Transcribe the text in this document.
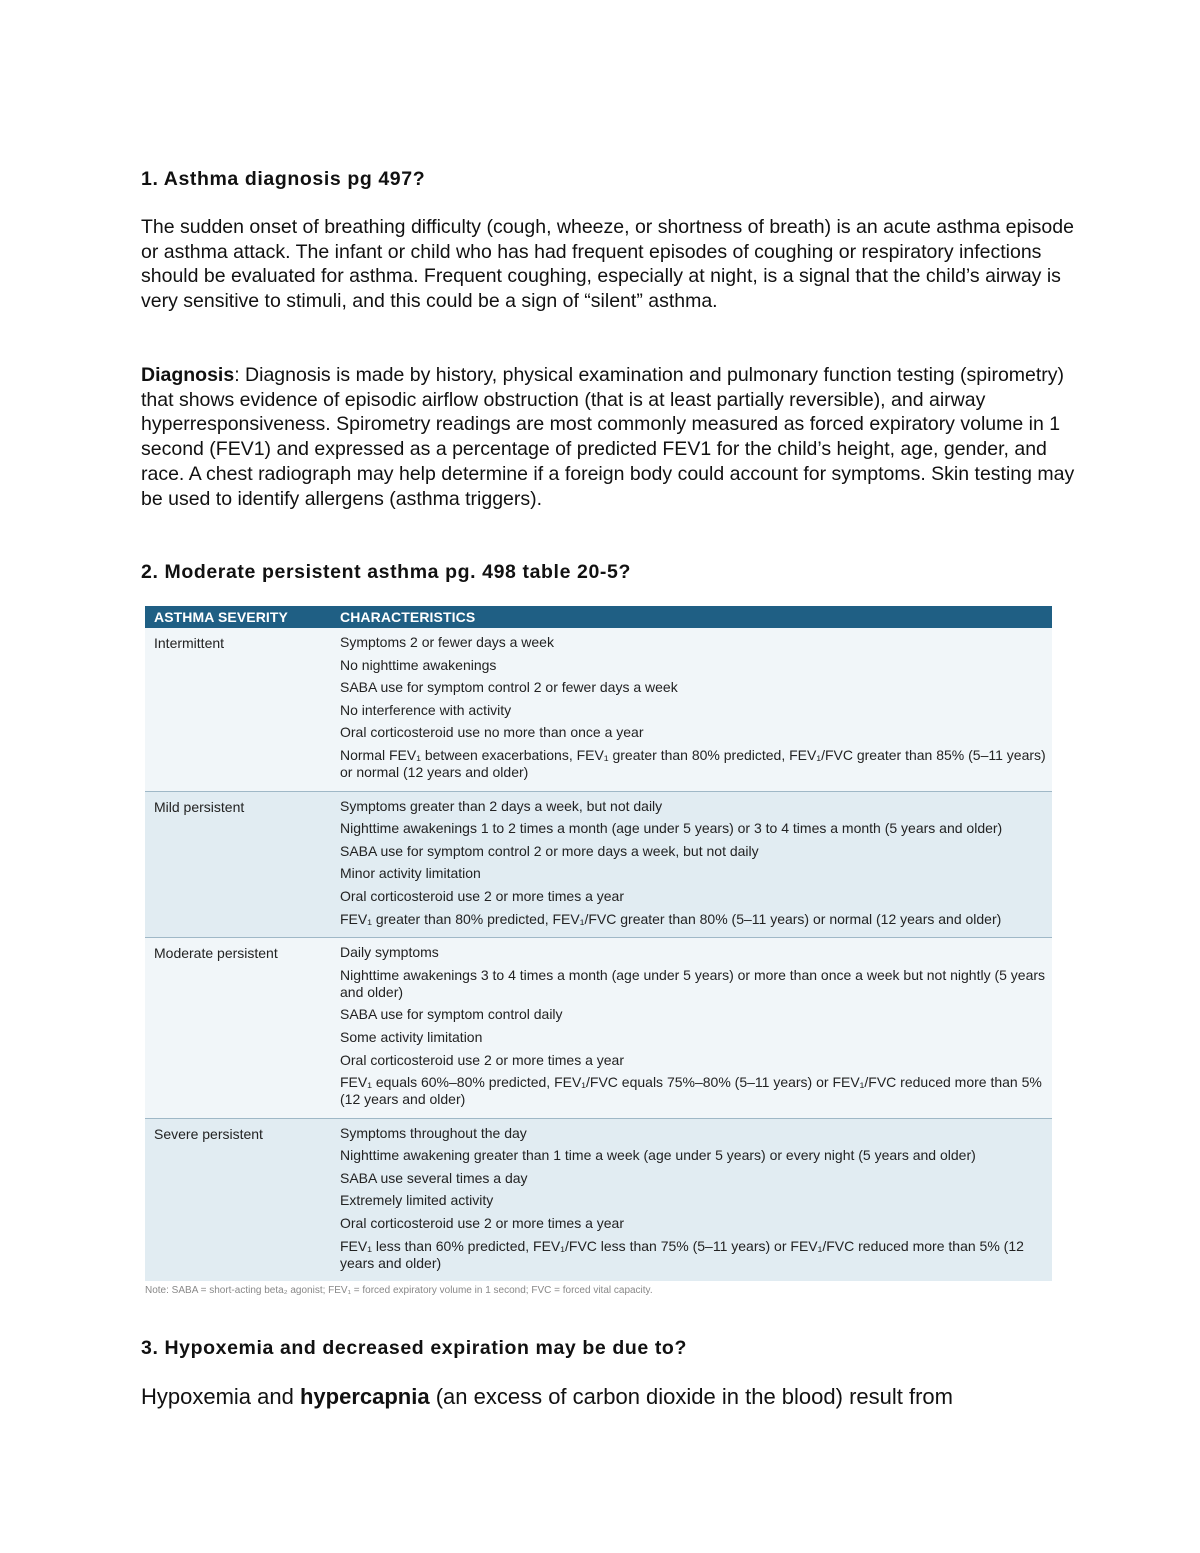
1. Asthma diagnosis pg 497?

The sudden onset of breathing difficulty (cough, wheeze, or shortness of breath) is an acute asthma episode or asthma attack. The infant or child who has had frequent episodes of coughing or respiratory infections should be evaluated for asthma. Frequent coughing, especially at night, is a signal that the child’s airway is very sensitive to stimuli, and this could be a sign of “silent” asthma.

Diagnosis: Diagnosis is made by history, physical examination and pulmonary function testing (spirometry) that shows evidence of episodic airflow obstruction (that is at least partially reversible), and airway hyperresponsiveness. Spirometry readings are most commonly measured as forced expiratory volume in 1 second (FEV1) and expressed as a percentage of predicted FEV1 for the child’s height, age, gender, and race. A chest radiograph may help determine if a foreign body could account for symptoms. Skin testing may be used to identify allergens (asthma triggers).

2. Moderate persistent asthma pg. 498 table 20-5?
ASTHMA SEVERITY	CHARACTERISTICS
Intermittent	Symptoms 2 or fewer days a week
No nighttime awakenings
SABA use for symptom control 2 or fewer days a week
No interference with activity
Oral corticosteroid use no more than once a year
Normal FEV₁ between exacerbations, FEV₁ greater than 80% predicted, FEV₁/FVC greater than 85% (5–11 years) or normal (12 years and older)
Mild persistent	Symptoms greater than 2 days a week, but not daily
Nighttime awakenings 1 to 2 times a month (age under 5 years) or 3 to 4 times a month (5 years and older)
SABA use for symptom control 2 or more days a week, but not daily
Minor activity limitation
Oral corticosteroid use 2 or more times a year
FEV₁ greater than 80% predicted, FEV₁/FVC greater than 80% (5–11 years) or normal (12 years and older)
Moderate persistent	Daily symptoms
Nighttime awakenings 3 to 4 times a month (age under 5 years) or more than once a week but not nightly (5 years and older)
SABA use for symptom control daily
Some activity limitation
Oral corticosteroid use 2 or more times a year
FEV₁ equals 60%–80% predicted, FEV₁/FVC equals 75%–80% (5–11 years) or FEV₁/FVC reduced more than 5% (12 years and older)
Severe persistent	Symptoms throughout the day
Nighttime awakening greater than 1 time a week (age under 5 years) or every night (5 years and older)
SABA use several times a day
Extremely limited activity
Oral corticosteroid use 2 or more times a year
FEV₁ less than 60% predicted, FEV₁/FVC less than 75% (5–11 years) or FEV₁/FVC reduced more than 5% (12 years and older)
Note: SABA = short-acting beta₂ agonist; FEV₁ = forced expiratory volume in 1 second; FVC = forced vital capacity.
3. Hypoxemia and decreased expiration may be due to?

Hypoxemia and hypercapnia (an excess of carbon dioxide in the blood) result from
